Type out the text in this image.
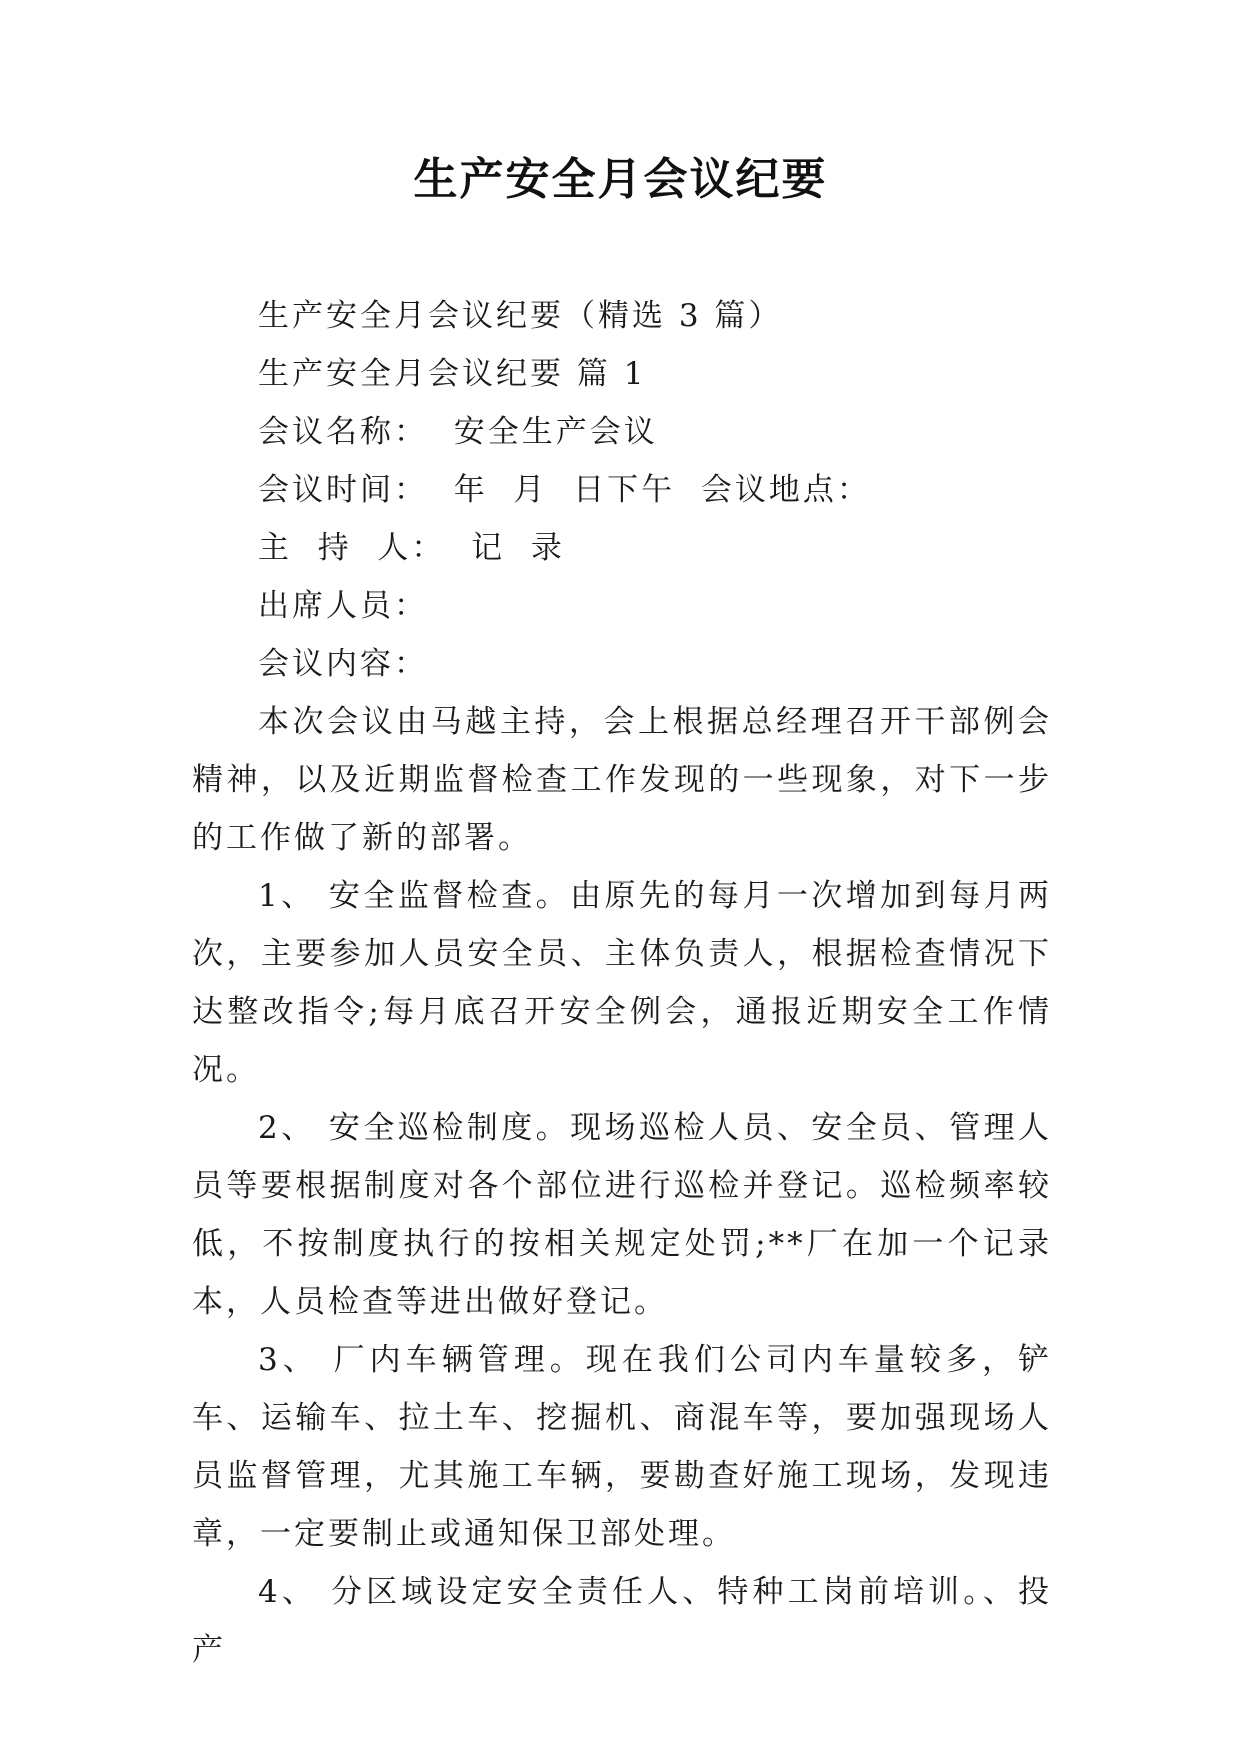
生产安全月会议纪要
生产安全月会议纪要（精选 3 篇）
生产安全月会议纪要 篇 1
会议名称：  安全生产会议
会议时间：  年  月  日下午  会议地点：
主  持  人：  记  录
出席人员：
会议内容：

本次会议由马越主持，会上根据总经理召开干部例会精神，以及近期监督检查工作发现的一些现象，对下一步的工作做了新的部署。

1、 安全监督检查。由原先的每月一次增加到每月两次，主要参加人员安全员、主体负责人，根据检查情况下达整改指令;每月底召开安全例会，通报近期安全工作情况。

2、 安全巡检制度。现场巡检人员、安全员、管理人员等要根据制度对各个部位进行巡检并登记。巡检频率较低，不按制度执行的按相关规定处罚;**厂在加一个记录本，人员检查等进出做好登记。

3、 厂内车辆管理。现在我们公司内车量较多，铲车、运输车、拉土车、挖掘机、商混车等，要加强现场人员监督管理，尤其施工车辆，要勘查好施工现场，发现违章，一定要制止或通知保卫部处理。

4、 分区域设定安全责任人、特种工岗前培训。、投产
